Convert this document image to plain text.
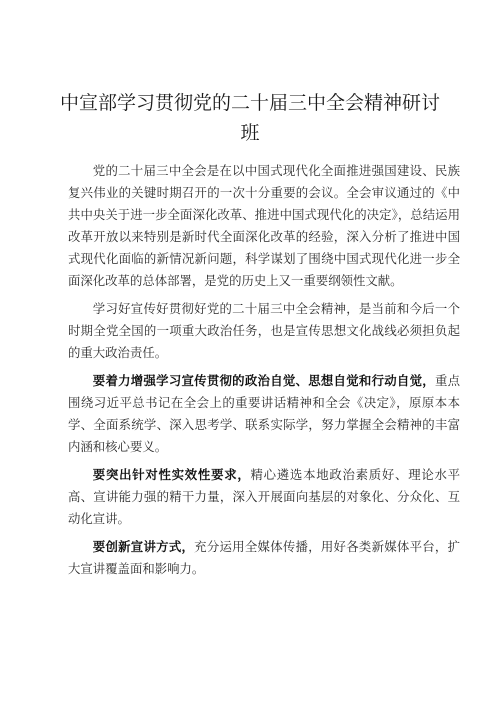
中宣部学习贯彻党的二十届三中全会精神研讨班

党的二十届三中全会是在以中国式现代化全面推进强国建设、民族复兴伟业的关键时期召开的一次十分重要的会议。全会审议通过的《中共中央关于进一步全面深化改革、推进中国式现代化的决定》，总结运用改革开放以来特别是新时代全面深化改革的经验，深入分析了推进中国式现代化面临的新情况新问题，科学谋划了围绕中国式现代化进一步全面深化改革的总体部署，是党的历史上又一重要纲领性文献。

学习好宣传好贯彻好党的二十届三中全会精神，是当前和今后一个时期全党全国的一项重大政治任务，也是宣传思想文化战线必须担负起的重大政治责任。

要着力增强学习宣传贯彻的政治自觉、思想自觉和行动自觉，重点围绕习近平总书记在全会上的重要讲话精神和全会《决定》，原原本本学、全面系统学、深入思考学、联系实际学，努力掌握全会精神的丰富内涵和核心要义。

要突出针对性实效性要求，精心遴选本地政治素质好、理论水平高、宣讲能力强的精干力量，深入开展面向基层的对象化、分众化、互动化宣讲。

要创新宣讲方式，充分运用全媒体传播，用好各类新媒体平台，扩大宣讲覆盖面和影响力。
